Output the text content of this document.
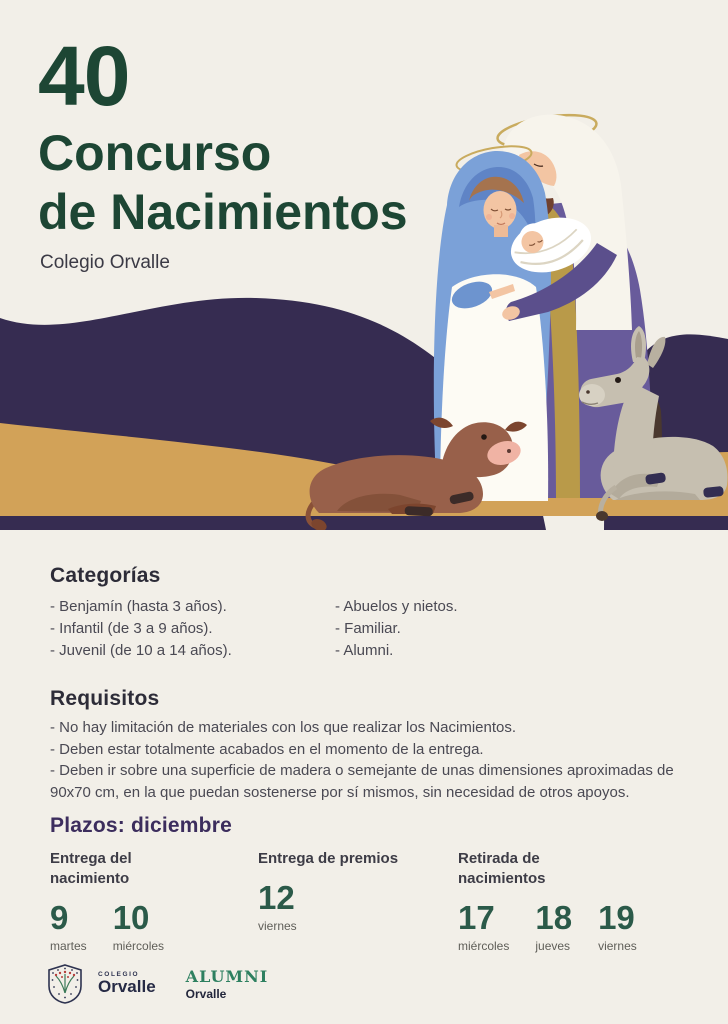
40
Concurso
de Nacimientos
Colegio Orvalle
Categorías
- Benjamín (hasta 3 años).
- Infantil (de 3 a 9 años).
- Juvenil (de 10 a 14 años).
- Abuelos y nietos.
- Familiar.
- Alumni.
Requisitos
- No hay limitación de materiales con los que realizar los Nacimientos.
- Deben estar totalmente acabados en el momento de la entrega.
- Deben ir sobre una superficie de madera o semejante de unas dimensiones aproximadas de 90x70 cm, en la que puedan sostenerse por sí mismos, sin necesidad de otros apoyos.
Plazos: diciembre
Entrega del nacimiento
9
martes
10
miércoles
Entrega de premios
12
viernes
Retirada de nacimientos
17
miércoles
18
jueves
19
viernes
COLEGIO
Orvalle
ALUMNI
Orvalle
